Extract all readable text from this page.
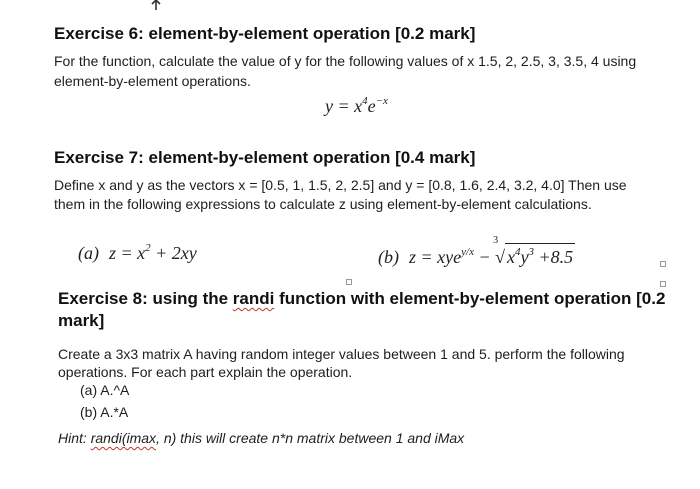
Exercise 6: element-by-element operation [0.2 mark]
For the function, calculate the value of y for the following values of x 1.5, 2, 2.5, 3, 3.5, 4 using
element-by-element operations.
$y = x^4e^{-x}$
Exercise 7: element-by-element operation [0.4 mark]
Define x and y as the vectors x = [0.5, 1, 1.5, 2, 2.5] and y = [0.8, 1.6, 2.4, 3.2, 4.0] Then use
them in the following expressions to calculate z using element-by-element calculations.
(a) $z = x^2 + 2xy$	(b) z = xye$^{y/x}$ −
3
√ $x^4y^3 +8.5$
Exercise 8: using the randi function with element-by-element operation [0.2
mark]
Create a 3x3 matrix A having random integer values between 1 and 5. perform the following
operations. For each part explain the operation.
(a) A.^A
(b) A.*A
Hint: randi(imax, n) this will create n*n matrix between 1 and iMax
